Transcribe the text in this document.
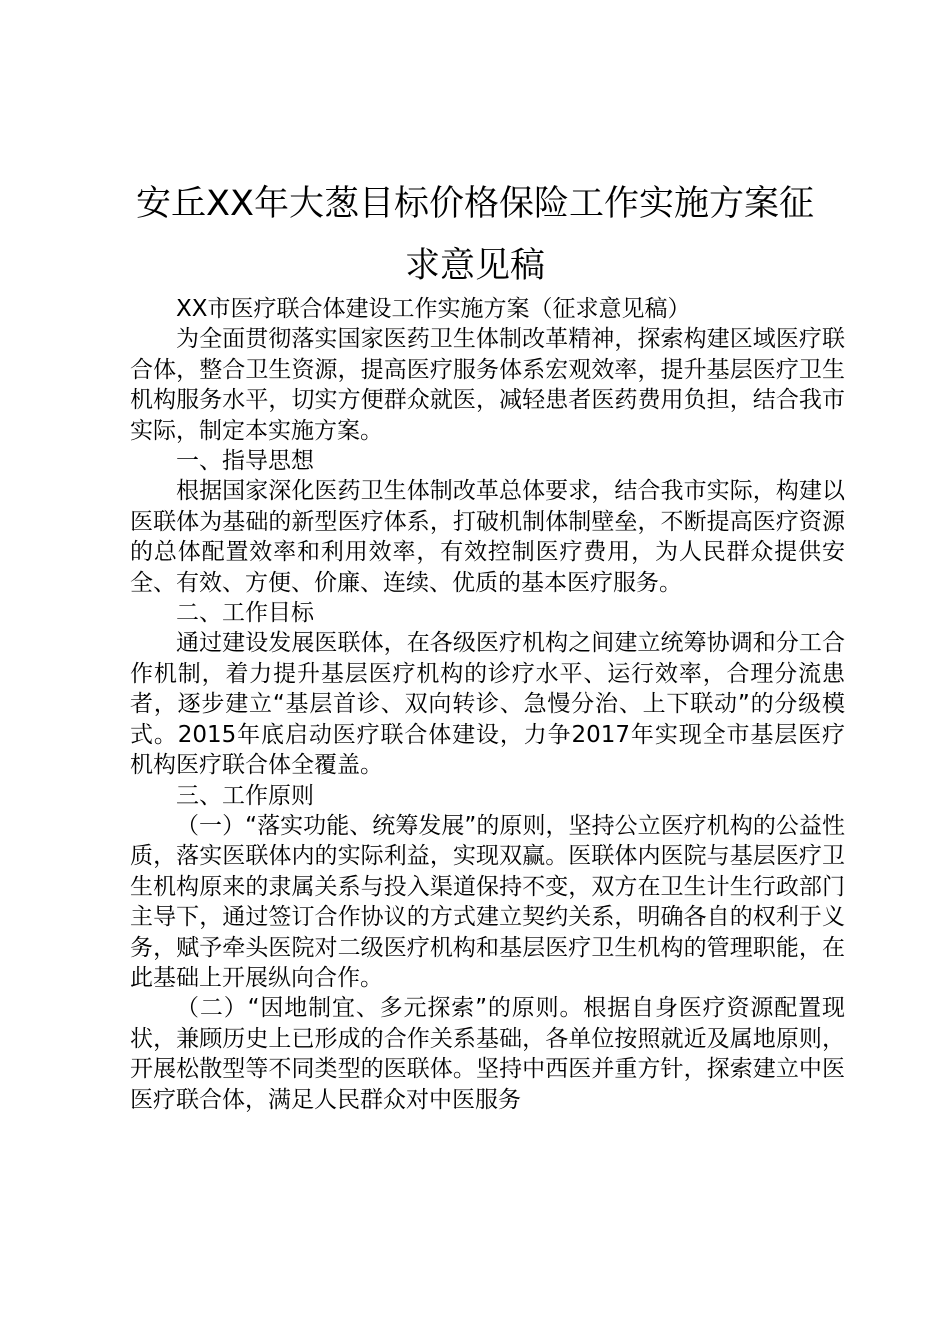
安丘XX年大葱目标价格保险工作实施方案征
求意见稿

XX市医疗联合体建设工作实施方案（征求意见稿）

为全面贯彻落实国家医药卫生体制改革精神，探索构建区域医疗联合体，整合卫生资源，提高医疗服务体系宏观效率，提升基层医疗卫生机构服务水平，切实方便群众就医，减轻患者医药费用负担，结合我市实际，制定本实施方案。

一、指导思想

根据国家深化医药卫生体制改革总体要求，结合我市实际，构建以医联体为基础的新型医疗体系，打破机制体制壁垒，不断提高医疗资源的总体配置效率和利用效率，有效控制医疗费用，为人民群众提供安全、有效、方便、价廉、连续、优质的基本医疗服务。

二、工作目标

通过建设发展医联体，在各级医疗机构之间建立统筹协调和分工合作机制，着力提升基层医疗机构的诊疗水平、运行效率，合理分流患者，逐步建立“基层首诊、双向转诊、急慢分治、上下联动”的分级模式。2015年底启动医疗联合体建设，力争2017年实现全市基层医疗机构医疗联合体全覆盖。

三、工作原则

（一）“落实功能、统筹发展”的原则，坚持公立医疗机构的公益性质，落实医联体内的实际利益，实现双赢。医联体内医院与基层医疗卫生机构原来的隶属关系与投入渠道保持不变，双方在卫生计生行政部门主导下，通过签订合作协议的方式建立契约关系，明确各自的权利于义务，赋予牵头医院对二级医疗机构和基层医疗卫生机构的管理职能，在此基础上开展纵向合作。

（二）“因地制宜、多元探索”的原则。根据自身医疗资源配置现状，兼顾历史上已形成的合作关系基础，各单位按照就近及属地原则，开展松散型等不同类型的医联体。坚持中西医并重方针，探索建立中医医疗联合体，满足人民群众对中医服务
